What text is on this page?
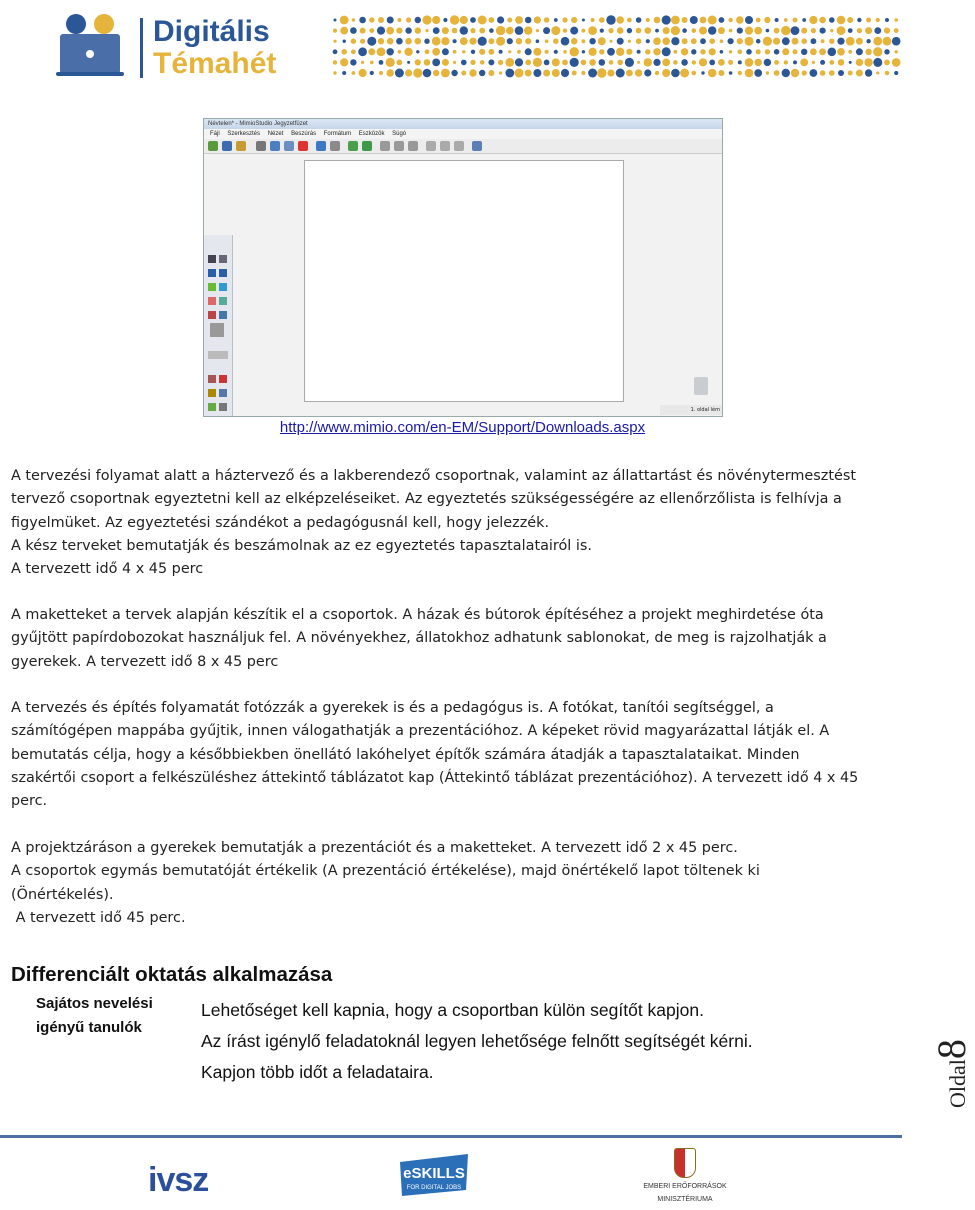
Digitális
Témahét
Névtelen* - MimioStudio Jegyzetfüzet
Fájl Szerkesztés Nézet Beszúrás Formátum Eszközök Súgó
1. oldal lém
http://www.mimio.com/en-EM/Support/Downloads.aspx
A tervezési folyamat alatt a háztervező és a lakberendező csoportnak, valamint az állattartást és növénytermesztést
tervező csoportnak egyeztetni kell az elképzeléseiket. Az egyeztetés szükségességére az ellenőrzőlista is felhívja a
figyelmüket. Az egyeztetési szándékot a pedagógusnál kell, hogy jelezzék.
A kész terveket bemutatják és beszámolnak az ez egyeztetés tapasztalatairól is.
A tervezett idő 4 x 45 perc
A maketteket a tervek alapján készítik el a csoportok. A házak és bútorok építéséhez a projekt meghirdetése óta
gyűjtött papírdobozokat használjuk fel. A növényekhez, állatokhoz adhatunk sablonokat, de meg is rajzolhatják a
gyerekek. A tervezett idő 8 x 45 perc
A tervezés és építés folyamatát fotózzák a gyerekek is és a pedagógus is. A fotókat, tanítói segítséggel, a
számítógépen mappába gyűjtik, innen válogathatják a prezentációhoz. A képeket rövid magyarázattal látják el. A
bemutatás célja, hogy a későbbiekben önellátó lakóhelyet építők számára átadják a tapasztalataikat. Minden
szakértői csoport a felkészüléshez áttekintő táblázatot kap (Áttekintő táblázat prezentációhoz). A tervezett idő 4 x 45
perc.
A projektzáráson a gyerekek bemutatják a prezentációt és a maketteket. A tervezett idő 2 x 45 perc.
A csoportok egymás bemutatóját értékelik (A prezentáció értékelése), majd önértékelő lapot töltenek ki
(Önértékelés).
A tervezett idő 45 perc.
Differenciált oktatás alkalmazása
Sajátos nevelési
igényű tanulók
Lehetőséget kell kapnia, hogy a csoportban külön segítőt kapjon.
Az írást igénylő feladatoknál legyen lehetősége felnőtt segítségét kérni.
Kapjon több időt a feladataira.	Oldal8
ivsz	eSKILLS
FOR DIGITAL JOBS	EMBERI ERŐFORRÁSOK
MINISZTÉRIUMA
